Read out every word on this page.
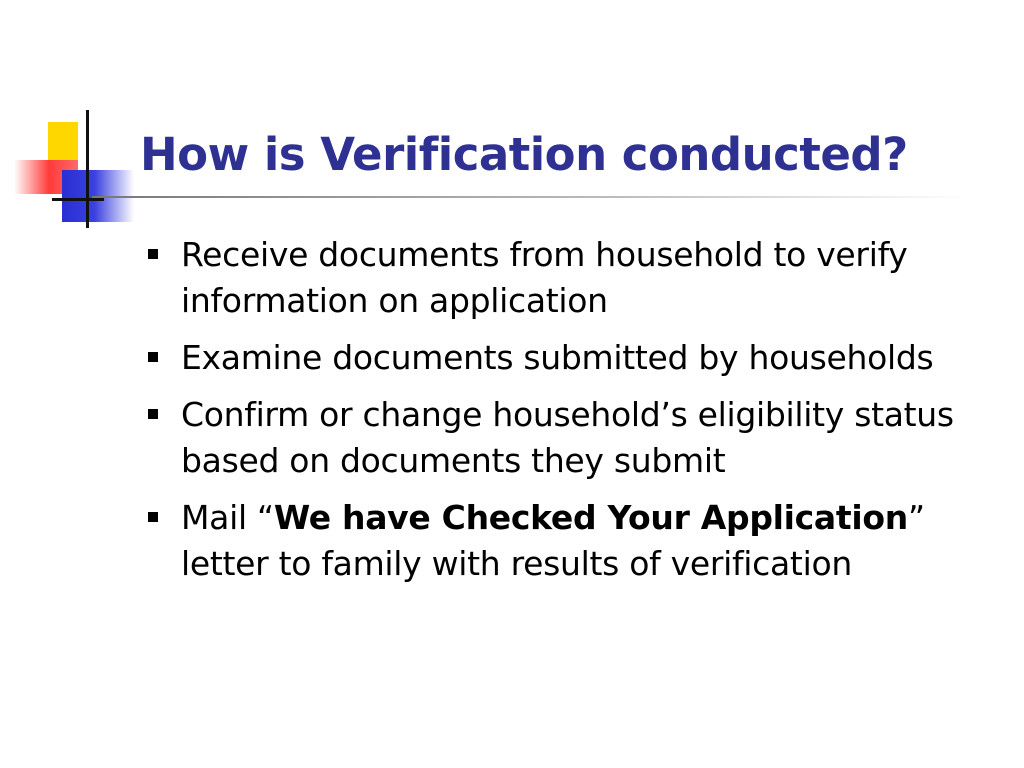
How is Verification conducted?
Receive documents from household to verify information on application
Examine documents submitted by households
Confirm or change household’s eligibility status based on documents they submit
Mail “We have Checked Your Application” letter to family with results of verification
